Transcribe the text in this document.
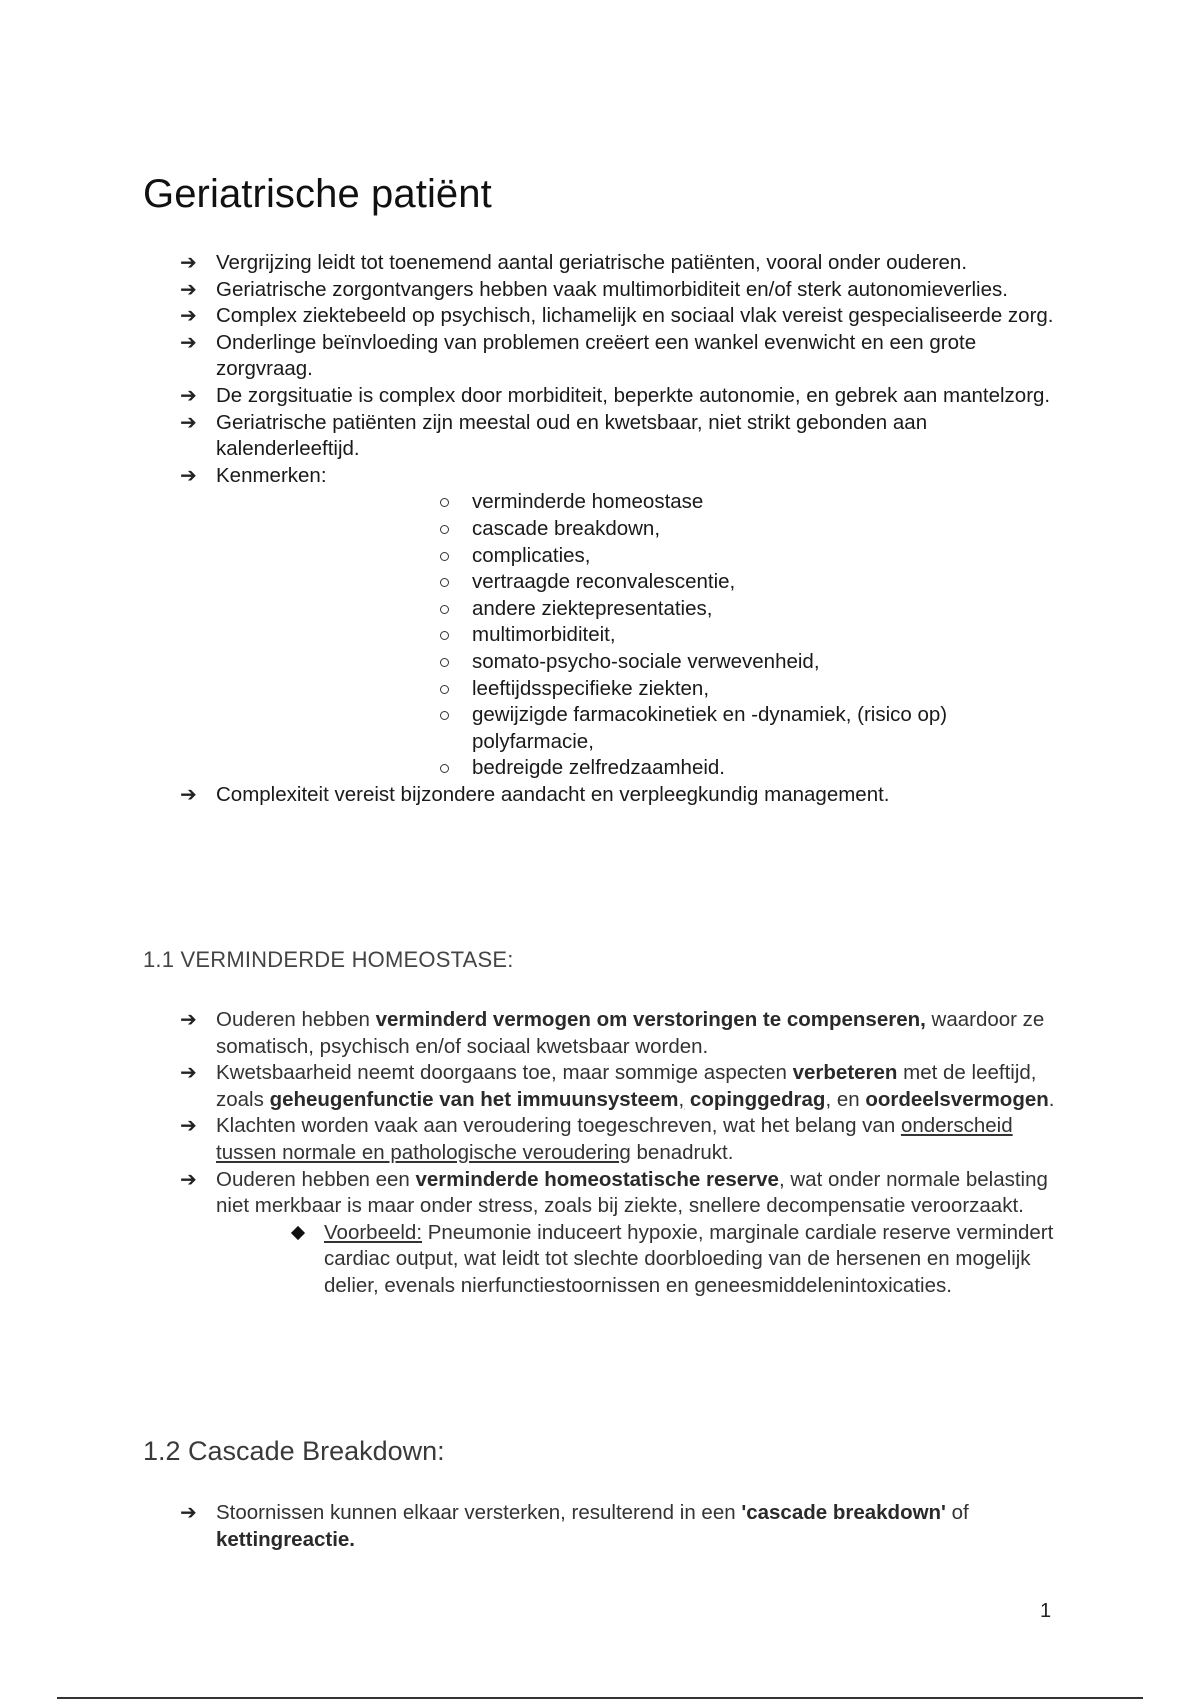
Geriatrische patiënt
➔ Vergrijzing leidt tot toenemend aantal geriatrische patiënten, vooral onder ouderen.
➔ Geriatrische zorgontvangers hebben vaak multimorbiditeit en/of sterk autonomieverlies.
➔ Complex ziektebeeld op psychisch, lichamelijk en sociaal vlak vereist gespecialiseerde zorg.
➔ Onderlinge beïnvloeding van problemen creëert een wankel evenwicht en een grote zorgvraag.
➔ De zorgsituatie is complex door morbiditeit, beperkte autonomie, en gebrek aan mantelzorg.
➔ Geriatrische patiënten zijn meestal oud en kwetsbaar, niet strikt gebonden aan kalenderleeftijd.
➔ Kenmerken:
verminderde homeostase
cascade breakdown,
complicaties,
vertraagde reconvalescentie,
andere ziektepresentaties,
multimorbiditeit,
somato-psycho-sociale verwevenheid,
leeftijdsspecifieke ziekten,
gewijzigde farmacokinetiek en -dynamiek, (risico op) polyfarmacie,
bedreigde zelfredzaamheid.
➔ Complexiteit vereist bijzondere aandacht en verpleegkundig management.
1.1 VERMINDERDE HOMEOSTASE:
➔ Ouderen hebben verminderd vermogen om verstoringen te compenseren, waardoor ze somatisch, psychisch en/of sociaal kwetsbaar worden.
➔ Kwetsbaarheid neemt doorgaans toe, maar sommige aspecten verbeteren met de leeftijd, zoals geheugenfunctie van het immuunsysteem, copinggedrag, en oordeelsvermogen.
➔ Klachten worden vaak aan veroudering toegeschreven, wat het belang van onderscheid tussen normale en pathologische veroudering benadrukt.
➔ Ouderen hebben een verminderde homeostatische reserve, wat onder normale belasting niet merkbaar is maar onder stress, zoals bij ziekte, snellere decompensatie veroorzaakt.
Voorbeeld: Pneumonie induceert hypoxie, marginale cardiale reserve vermindert cardiac output, wat leidt tot slechte doorbloeding van de hersenen en mogelijk delier, evenals nierfunctiestoornissen en geneesmiddelenintoxicaties.
1.2 Cascade Breakdown:
➔ Stoornissen kunnen elkaar versterken, resulterend in een 'cascade breakdown' of kettingreactie.
1
